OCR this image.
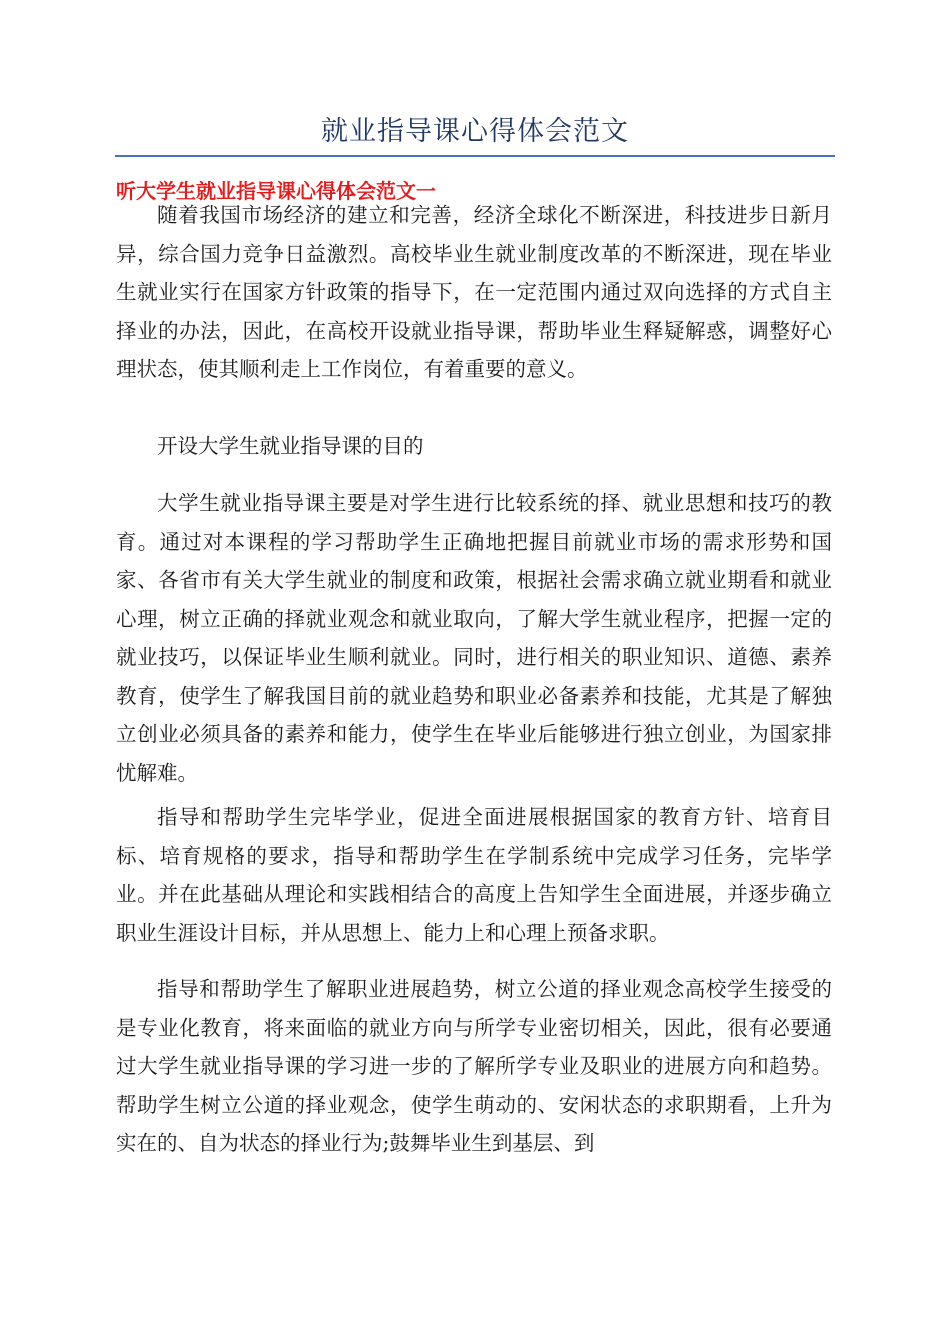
就业指导课心得体会范文
听大学生就业指导课心得体会范文一

随着我国市场经济的建立和完善，经济全球化不断深进，科技进步日新月异，综合国力竞争日益激烈。高校毕业生就业制度改革的不断深进，现在毕业生就业实行在国家方针政策的指导下，在一定范围内通过双向选择的方式自主择业的办法，因此，在高校开设就业指导课，帮助毕业生释疑解惑，调整好心理状态，使其顺利走上工作岗位，有着重要的意义。

开设大学生就业指导课的目的

大学生就业指导课主要是对学生进行比较系统的择、就业思想和技巧的教育。通过对本课程的学习帮助学生正确地把握目前就业市场的需求形势和国家、各省市有关大学生就业的制度和政策，根据社会需求确立就业期看和就业心理，树立正确的择就业观念和就业取向，了解大学生就业程序，把握一定的就业技巧，以保证毕业生顺利就业。同时，进行相关的职业知识、道德、素养教育，使学生了解我国目前的就业趋势和职业必备素养和技能，尤其是了解独立创业必须具备的素养和能力，使学生在毕业后能够进行独立创业，为国家排忧解难。

指导和帮助学生完毕学业，促进全面进展根据国家的教育方针、培育目标、培育规格的要求，指导和帮助学生在学制系统中完成学习任务，完毕学业。并在此基础从理论和实践相结合的高度上告知学生全面进展，并逐步确立职业生涯设计目标，并从思想上、能力上和心理上预备求职。

指导和帮助学生了解职业进展趋势，树立公道的择业观念高校学生接受的是专业化教育，将来面临的就业方向与所学专业密切相关，因此，很有必要通过大学生就业指导课的学习进一步的了解所学专业及职业的进展方向和趋势。帮助学生树立公道的择业观念，使学生萌动的、安闲状态的求职期看，上升为实在的、自为状态的择业行为;鼓舞毕业生到基层、到
